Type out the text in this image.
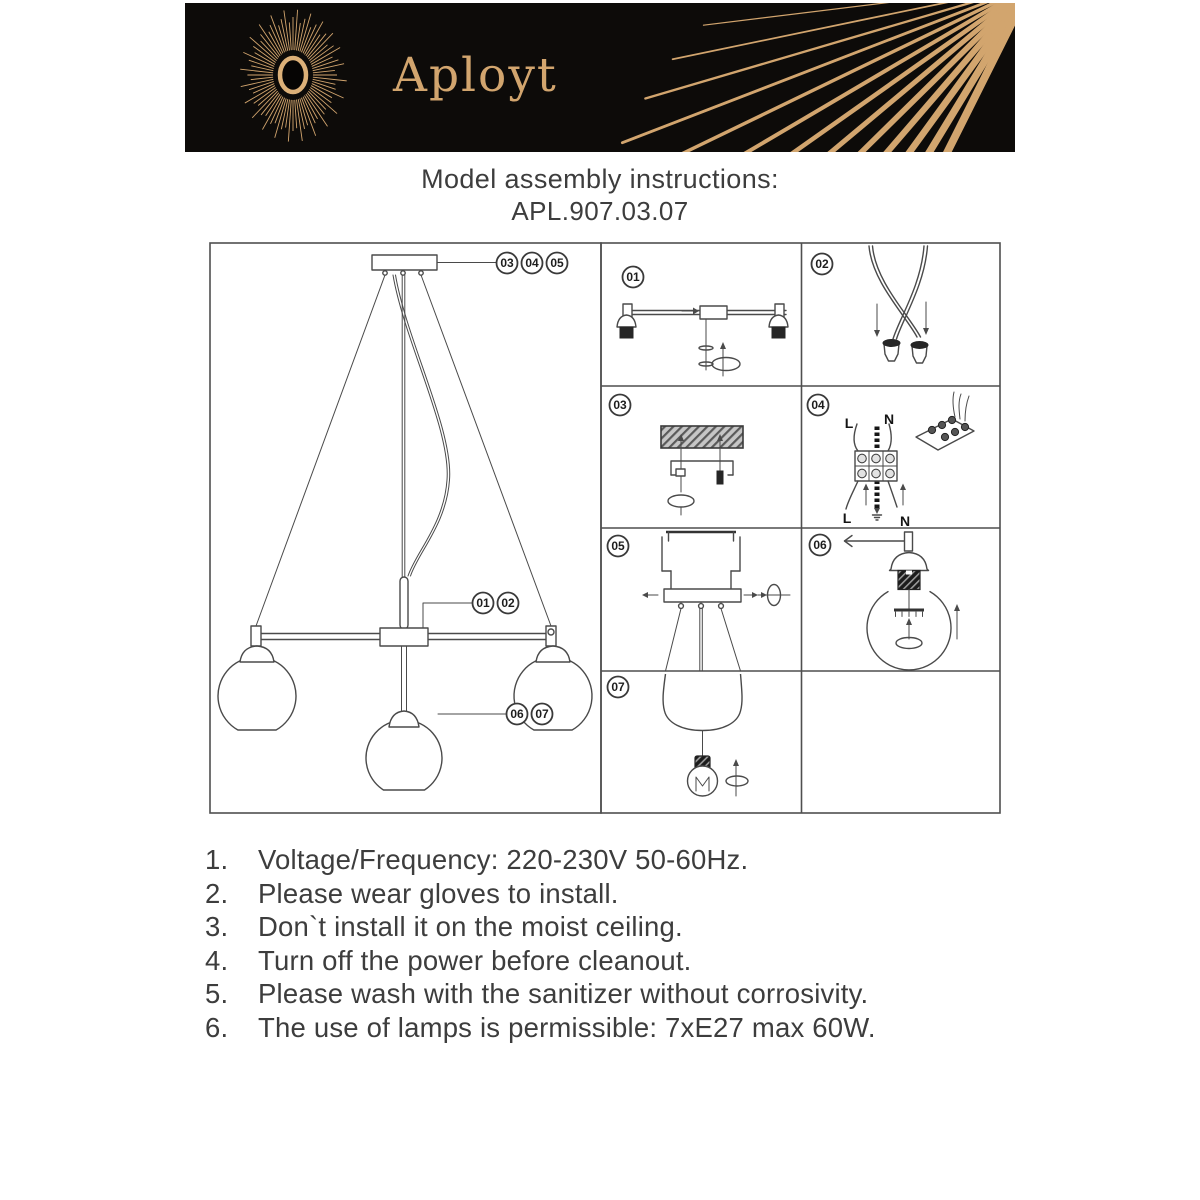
Aployt
Model assembly instructions:
APL.907.03.07
03 04 05
01 02
06 07
01
02
03	04
L N
L	N
05	06
07
1.	Voltage/Frequency: 220-230V 50-60Hz.
2.	Please wear gloves to install.
3.	Don`t install it on the moist ceiling.
4.	Turn off the power before cleanout.
5.	Please wash with the sanitizer without corrosivity.
6.	The use of lamps is permissible: 7xE27 max 60W.
